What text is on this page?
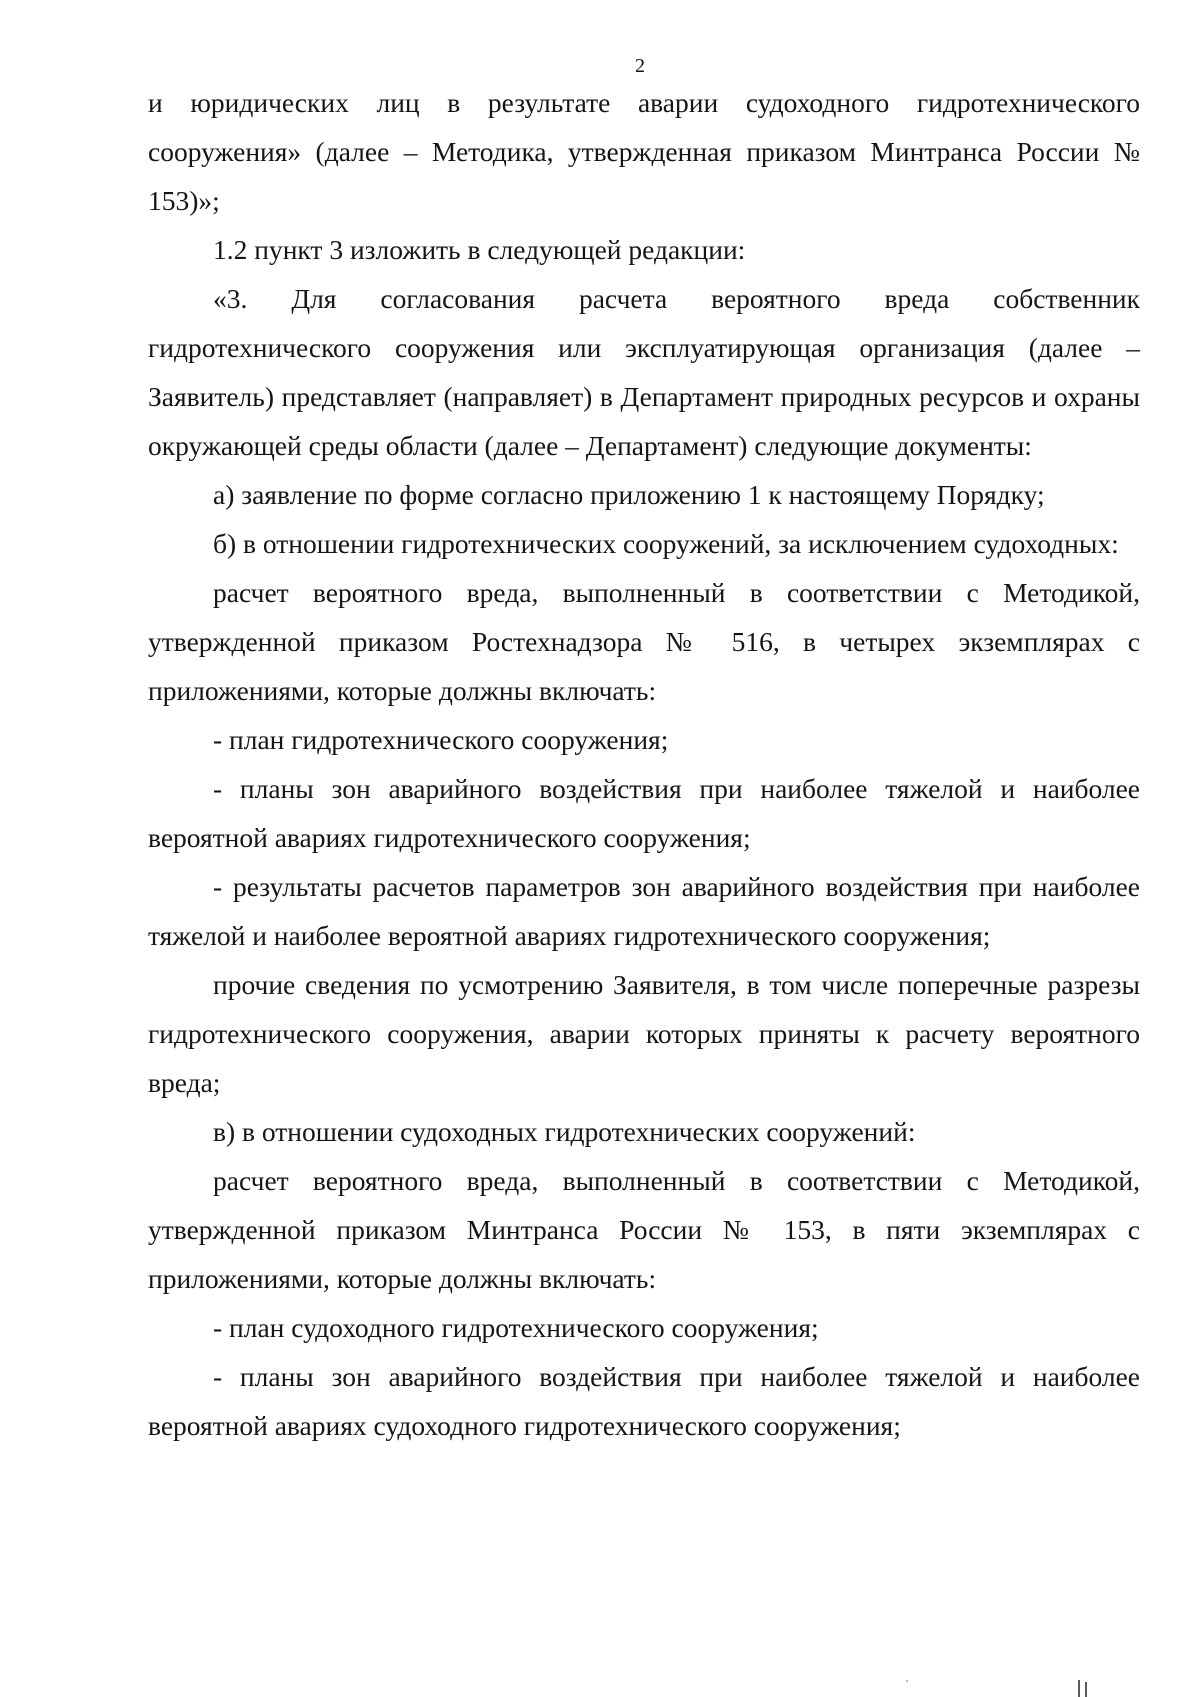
2

и юридических лиц в результате аварии судоходного гидротехнического сооружения» (далее – Методика, утвержденная приказом Минтранса России № 153)»;

1.2 пункт 3 изложить в следующей редакции:

«3. Для согласования расчета вероятного вреда собственник гидротехнического сооружения или эксплуатирующая организация (далее – Заявитель) представляет (направляет) в Департамент природных ресурсов и охраны окружающей среды области (далее – Департамент) следующие документы:

а) заявление по форме согласно приложению 1 к настоящему Порядку;

б) в отношении гидротехнических сооружений, за исключением судоходных:

расчет вероятного вреда, выполненный в соответствии с Методикой, утвержденной приказом Ростехнадзора № 516, в четырех экземплярах с приложениями, которые должны включать:

- план гидротехнического сооружения;

- планы зон аварийного воздействия при наиболее тяжелой и наиболее вероятной авариях гидротехнического сооружения;

- результаты расчетов параметров зон аварийного воздействия при наиболее тяжелой и наиболее вероятной авариях гидротехнического сооружения;

прочие сведения по усмотрению Заявителя, в том числе поперечные разрезы гидротехнического сооружения, аварии которых приняты к расчету вероятного вреда;

в) в отношении судоходных гидротехнических сооружений:

расчет вероятного вреда, выполненный в соответствии с Методикой, утвержденной приказом Минтранса России № 153, в пяти экземплярах с приложениями, которые должны включать:

- план судоходного гидротехнического сооружения;

- планы зон аварийного воздействия при наиболее тяжелой и наиболее вероятной авариях судоходного гидротехнического сооружения;
